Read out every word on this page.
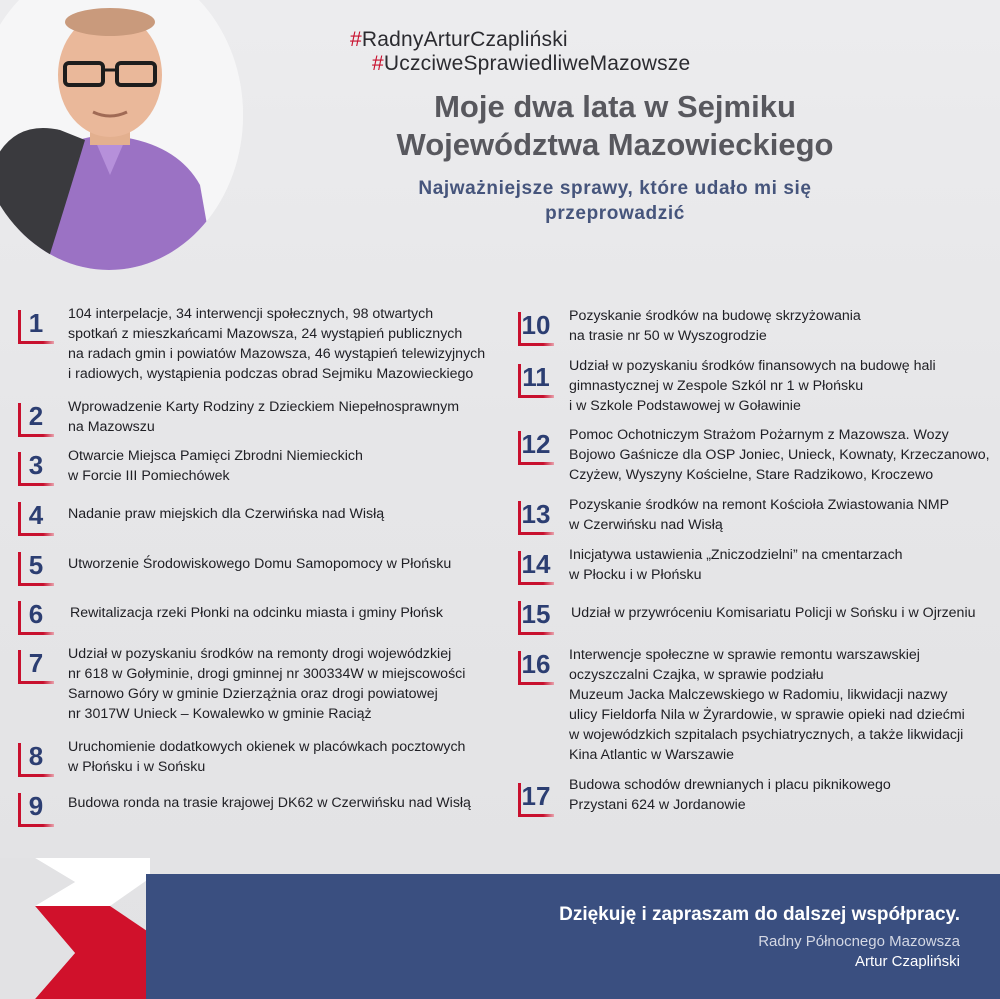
#RadnyArturCzapliński #UczciweSprawiedliweMazowsze
Moje dwa lata w Sejmiku
Województwa Mazowieckiego
Najważniejsze sprawy, które udało mi się
przeprowadzić
1	104 interpelacje, 34 interwencji społecznych, 98 otwartych
spotkań z mieszkańcami Mazowsza, 24 wystąpień publicznych
na radach gmin i powiatów Mazowsza, 46 wystąpień telewizyjnych
i radiowych, wystąpienia podczas obrad Sejmiku Mazowieckiego
2	Wprowadzenie Karty Rodziny z Dzieckiem Niepełnosprawnym
na Mazowszu
3	Otwarcie Miejsca Pamięci Zbrodni Niemieckich
w Forcie III Pomiechówek
4	Nadanie praw miejskich dla Czerwińska nad Wisłą
5	Utworzenie Środowiskowego Domu Samopomocy w Płońsku
6	Rewitalizacja rzeki Płonki na odcinku miasta i gminy Płońsk
7	Udział w pozyskaniu środków na remonty drogi wojewódzkiej
nr 618 w Gołyminie, drogi gminnej nr 300334W w miejscowości
Sarnowo Góry w gminie Dzierzążnia oraz drogi powiatowej
nr 3017W Unieck – Kowalewko w gminie Raciąż
8	Uruchomienie dodatkowych okienek w placówkach pocztowych
w Płońsku i w Sońsku
9	Budowa ronda na trasie krajowej DK62 w Czerwińsku nad Wisłą
10 Pozyskanie środków na budowę skrzyżowania
na trasie nr 50 w Wyszogrodzie
11 Udział w pozyskaniu środków finansowych na budowę hali
gimnastycznej w Zespole Szkól nr 1 w Płońsku
i w Szkole Podstawowej w Goławinie
12 Pomoc Ochotniczym Strażom Pożarnym z Mazowsza. Wozy
Bojowo Gaśnicze dla OSP Joniec, Unieck, Kownaty, Krzeczanowo,
Czyżew, Wyszyny Kościelne, Stare Radzikowo, Kroczewo
13 Pozyskanie środków na remont Kościoła Zwiastowania NMP
w Czerwińsku nad Wisłą
14 Inicjatywa ustawienia „Zniczodzielni” na cmentarzach
w Płocku i w Płońsku
15 Udział w przywróceniu Komisariatu Policji w Sońsku i w Ojrzeniu
16 Interwencje społeczne w sprawie remontu warszawskiej
oczyszczalni Czajka, w sprawie podziału
Muzeum Jacka Malczewskiego w Radomiu, likwidacji nazwy
ulicy Fieldorfa Nila w Żyrardowie, w sprawie opieki nad dziećmi
w wojewódzkich szpitalach psychiatrycznych, a także likwidacji
Kina Atlantic w Warszawie
17 Budowa schodów drewnianych i placu piknikowego
Przystani 624 w Jordanowie
Dziękuję i zapraszam do dalszej współpracy.
Radny Północnego Mazowsza
Artur Czapliński
